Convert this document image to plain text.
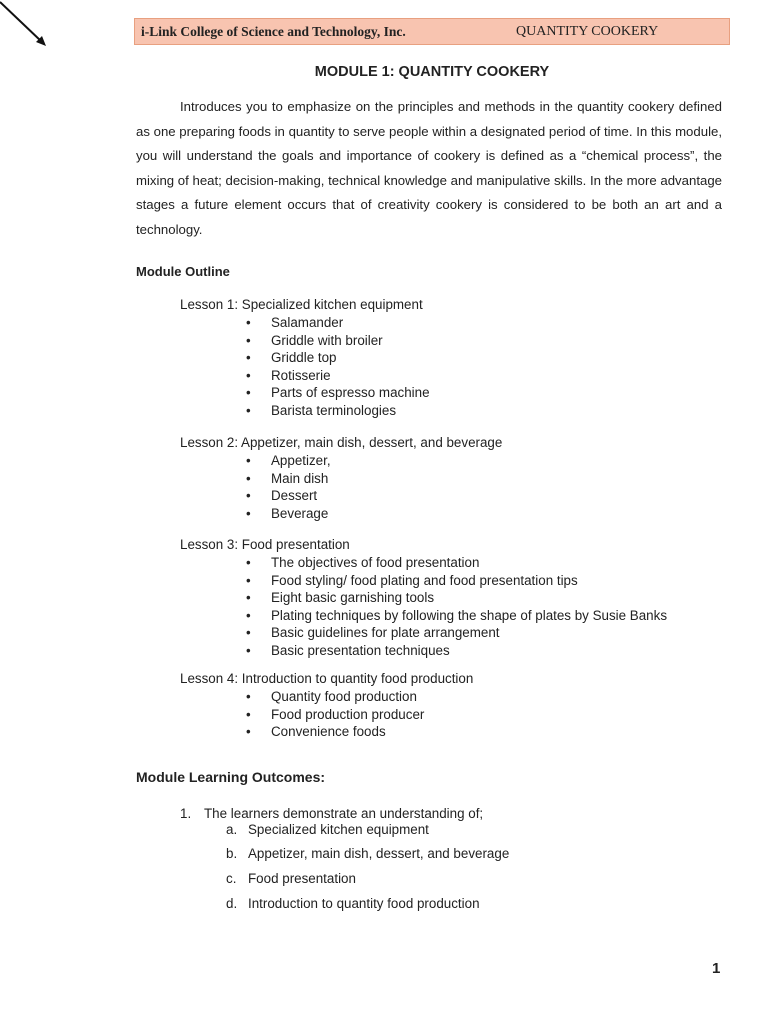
i-Link College of Science and Technology, Inc.	QUANTITY COOKERY
MODULE 1: QUANTITY COOKERY

Introduces you to emphasize on the principles and methods in the quantity cookery defined as one preparing foods in quantity to serve people within a designated period of time. In this module, you will understand the goals and importance of cookery is defined as a “chemical process”, the mixing of heat; decision-making, technical knowledge and manipulative skills. In the more advantage stages a future element occurs that of creativity cookery is considered to be both an art and a technology.

Module Outline
Lesson 1: Specialized kitchen equipment
• Salamander
• Griddle with broiler
• Griddle top
• Rotisserie
• Parts of espresso machine
• Barista terminologies
Lesson 2: Appetizer, main dish, dessert, and beverage
• Appetizer,
• Main dish
• Dessert
• Beverage
Lesson 3: Food presentation
• The objectives of food presentation
• Food styling/ food plating and food presentation tips
• Eight basic garnishing tools
• Plating techniques by following the shape of plates by Susie Banks
• Basic guidelines for plate arrangement
• Basic presentation techniques
Lesson 4: Introduction to quantity food production
• Quantity food production
• Food production producer
• Convenience foods
Module Learning Outcomes:
1. The learners demonstrate an understanding of;
a. Specialized kitchen equipment
b. Appetizer, main dish, dessert, and beverage
c. Food presentation
d. Introduction to quantity food production
1
